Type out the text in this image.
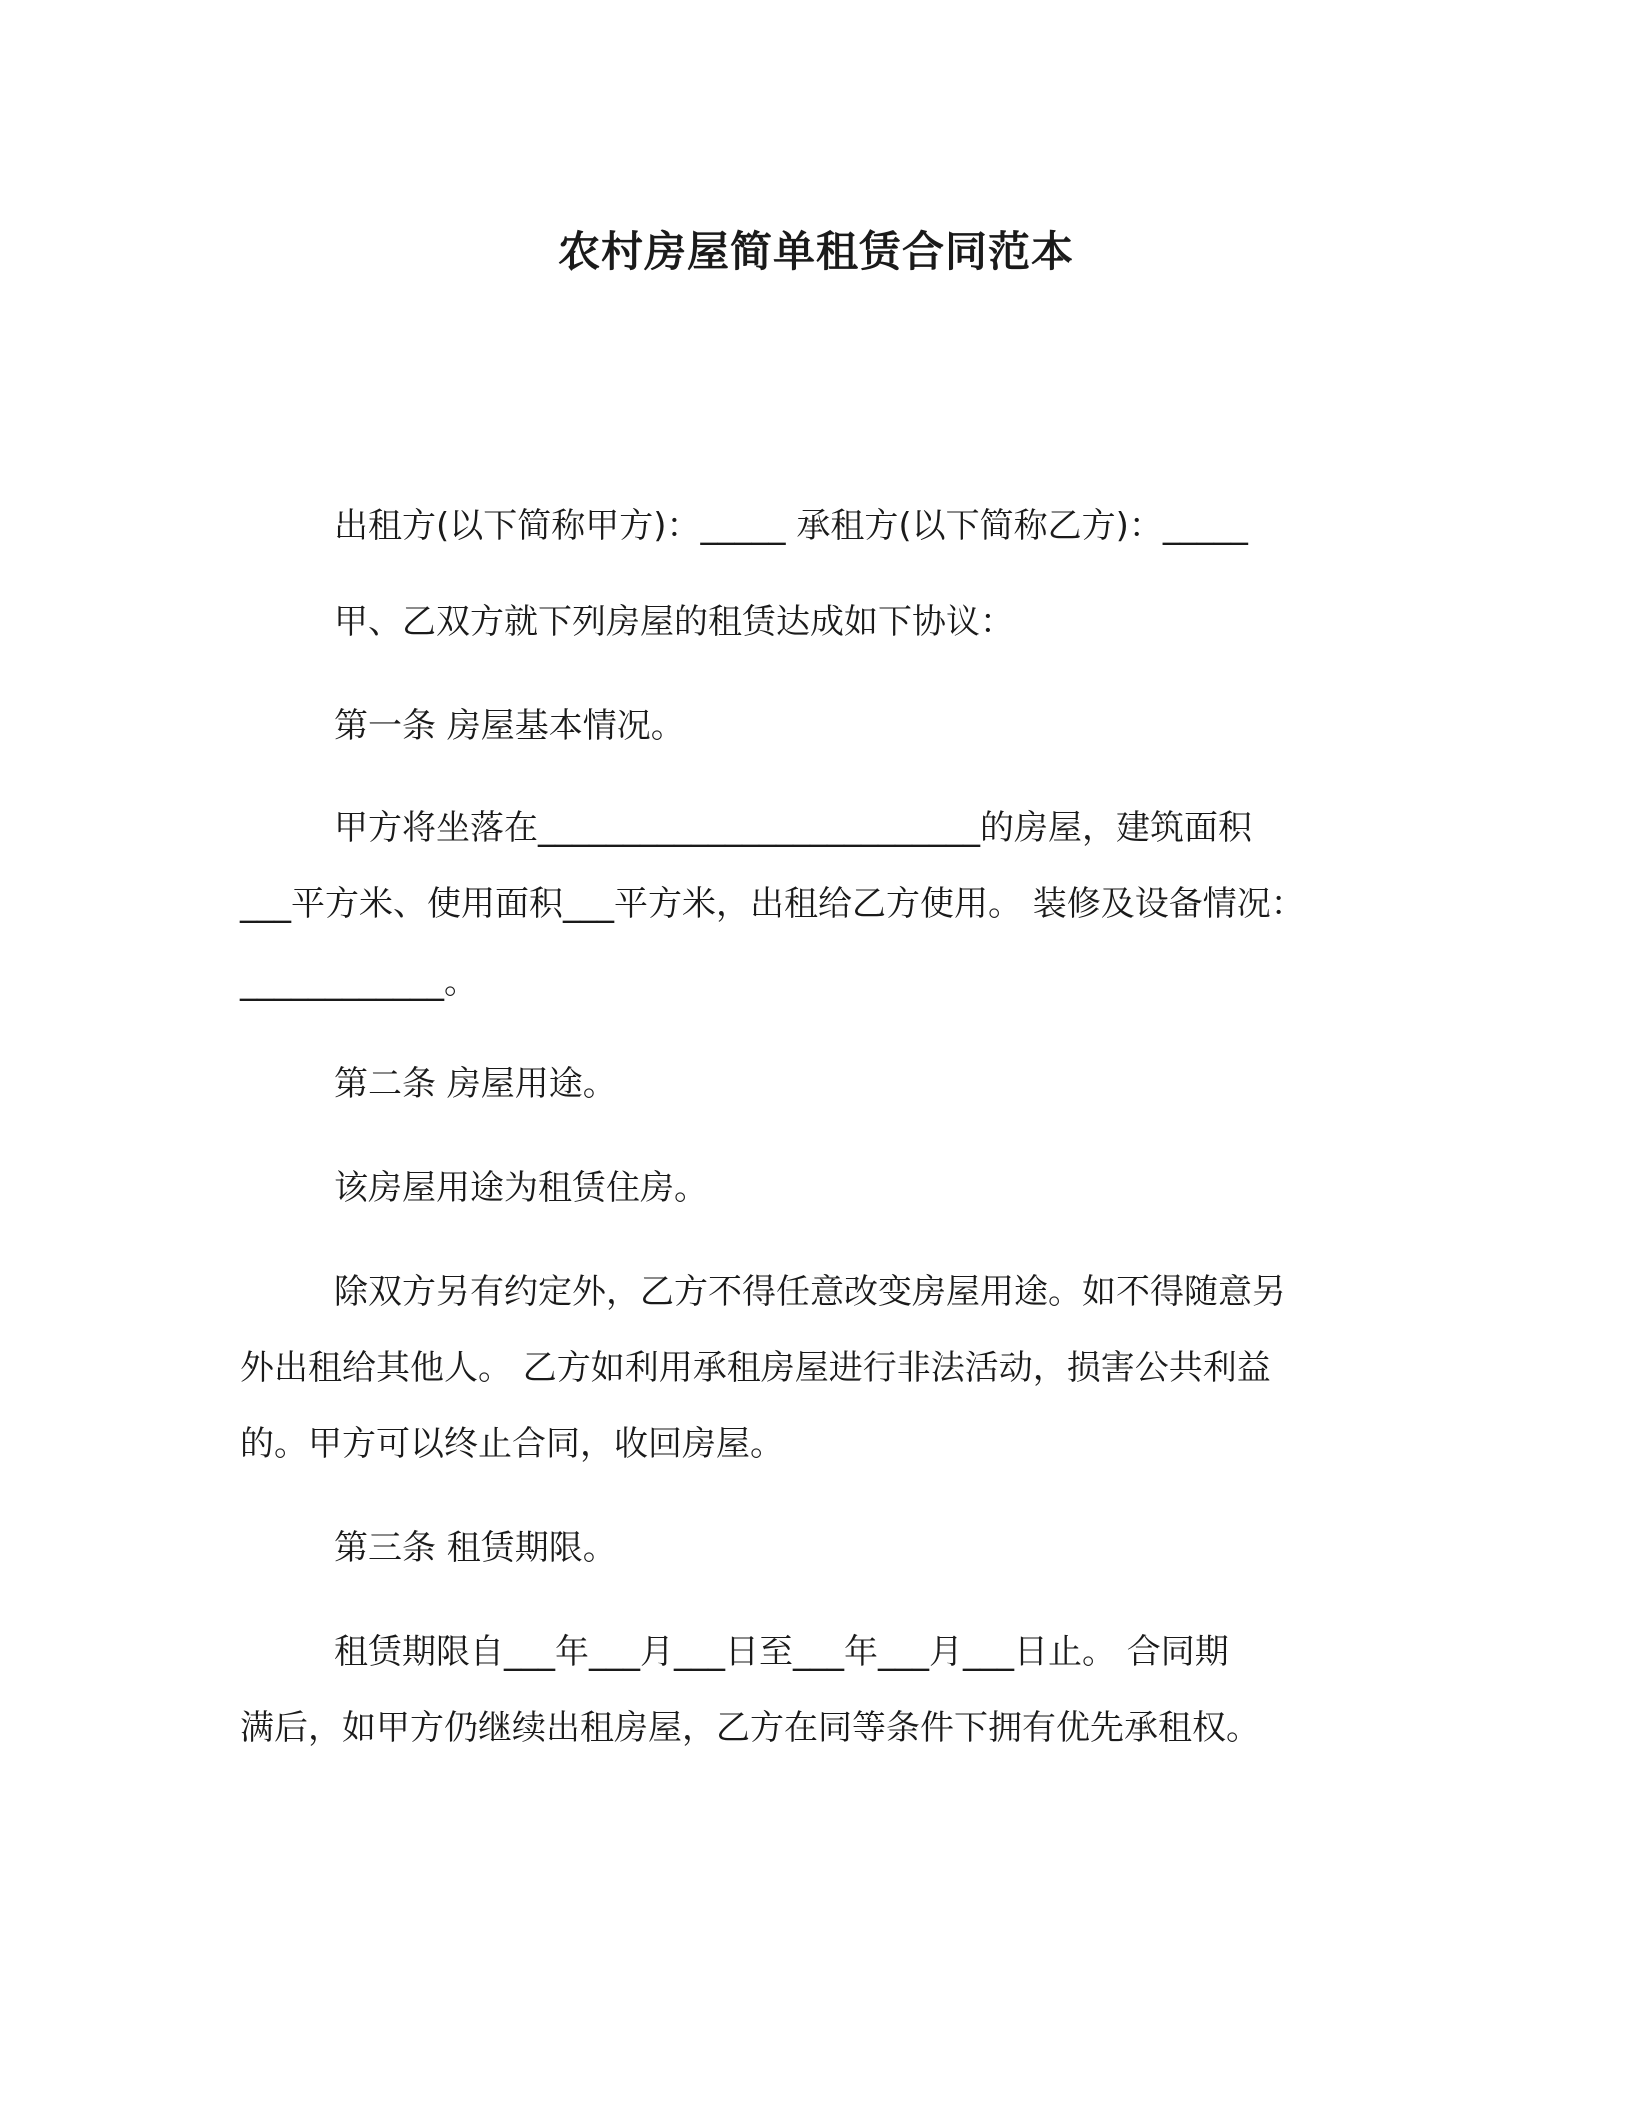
农村房屋简单租赁合同范本

出租方(以下简称甲方)：_____ 承租方(以下简称乙方)：_____

甲、乙双方就下列房屋的租赁达成如下协议：

第一条 房屋基本情况。

甲方将坐落在__________________________的房屋，建筑面积

___平方米、使用面积___平方米，出租给乙方使用。 装修及设备情况：

____________。

第二条 房屋用途。

该房屋用途为租赁住房。

除双方另有约定外，乙方不得任意改变房屋用途。如不得随意另

外出租给其他人。 乙方如利用承租房屋进行非法活动，损害公共利益

的。甲方可以终止合同，收回房屋。

第三条 租赁期限。

租赁期限自___年___月___日至___年___月___日止。 合同期

满后，如甲方仍继续出租房屋，乙方在同等条件下拥有优先承租权。
